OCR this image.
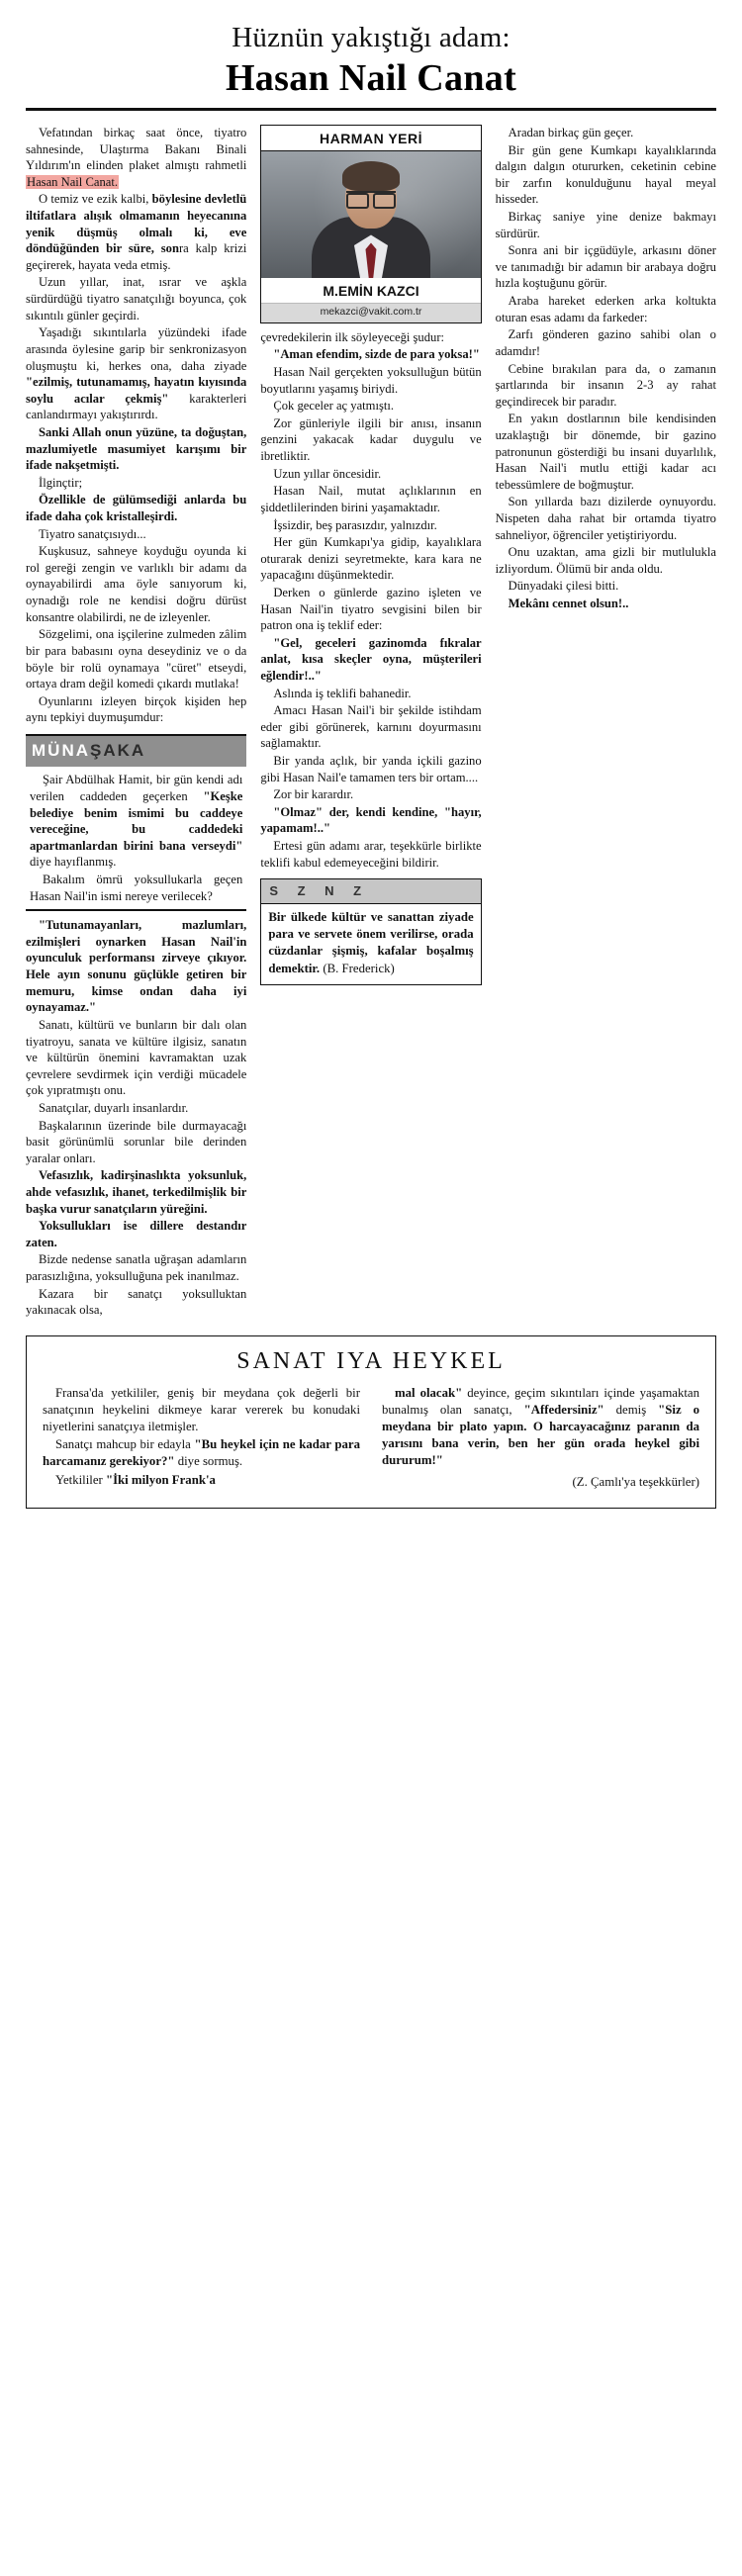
Hüznün yakıştığı adam:
Hasan Nail Canat

Vefatından birkaç saat önce, tiyatro sahnesinde, Ulaştırma Bakanı Binali Yıldırım'ın elinden plaket almıştı rahmetli Hasan Nail Canat.

O temiz ve ezik kalbi, böylesine devletlü iltifatlara alışık olmamanın heyecanına yenik düşmüş olmalı ki, eve döndüğünden bir süre, sonra kalp krizi geçirerek, hayata veda etmiş.

Uzun yıllar, inat, ısrar ve aşkla sürdürdüğü tiyatro sanatçılığı boyunca, çok sıkıntılı günler geçirdi.

Yaşadığı sıkıntılarla yüzündeki ifade arasında öylesine garip bir senkronizasyon oluşmuştu ki, herkes ona, daha ziyade "ezilmiş, tutunamamış, hayatın kıyısında soylu acılar çekmiş" karakterleri canlandırmayı yakıştırırdı.

Sanki Allah onun yüzüne, ta doğuştan, mazlumiyetle masumiyet karışımı bir ifade nakşetmişti.

İlginçtir;

Özellikle de gülümsediği anlarda bu ifade daha çok kristalleşirdi.

Tiyatro sanatçısıydı...

Kuşkusuz, sahneye koyduğu oyunda ki rol gereği zengin ve varlıklı bir adamı da oynayabilirdi ama öyle sanıyorum ki, oynadığı role ne kendisi doğru dürüst konsantre olabilirdi, ne de izleyenler.

Sözgelimi, ona işçilerine zulmeden zâlim bir para babasını oyna deseydiniz ve o da böyle bir rolü oynamaya "cüret" etseydi, ortaya dram değil komedi çıkardı mutlaka!

Oyunlarını izleyen birçok kişiden hep aynı tepkiyi duymuşumdur:

MÜNAŞAKA

Şair Abdülhak Hamit, bir gün kendi adı verilen caddeden geçerken "Keşke belediye benim ismimi bu caddeye vereceğine, bu caddedeki apartmanlardan birini bana verseydi" diye hayıflanmış.

Bakalım ömrü yoksullukarla geçen Hasan Nail'in ismi nereye verilecek?

"Tutunamayanları, mazlumları, ezilmişleri oynarken Hasan Nail'in oyunculuk performansı zirveye çıkıyor. Hele ayın sonunu güçlükle getiren bir memuru, kimse ondan daha iyi oynayamaz."

Sanatı, kültürü ve bunların bir dalı olan tiyatroyu, sanata ve kültüre ilgisiz, sanatın ve kültürün önemini kavramaktan uzak çevrelere sevdirmek için verdiği mücadele çok yıpratmıştı onu.

Sanatçılar, duyarlı insanlardır.

Başkalarının üzerinde bile durmayacağı basit görünümlü sorunlar bile derinden yaralar onları.

Vefasızlık, kadirşinaslıkta yoksunluk, ahde vefasızlık, ihanet, terkedilmişlik bir başka vurur sanatçıların yüreğini.

Yoksullukları ise dillere destandır zaten.

Bizde nedense sanatla uğraşan adamların parasızlığına, yoksulluğuna pek inanılmaz.

Kazara bir sanatçı yoksulluktan yakınacak olsa,

HARMAN YERİ
M.EMİN KAZCI
mekazci@vakit.com.tr

çevredekilerin ilk söyleyeceği şudur:

"Aman efendim, sizde de para yoksa!"

Hasan Nail gerçekten yoksulluğun bütün boyutlarını yaşamış biriydi.

Çok geceler aç yatmıştı.

Zor günleriyle ilgili bir anısı, insanın genzini yakacak kadar duygulu ve ibretliktir.

Uzun yıllar öncesidir.

Hasan Nail, mutat açlıklarının en şiddetlilerinden birini yaşamaktadır.

İşsizdir, beş parasızdır, yalnızdır.

Her gün Kumkapı'ya gidip, kayalıklara oturarak denizi seyretmekte, kara kara ne yapacağını düşünmektedir.

Derken o günlerde gazino işleten ve Hasan Nail'in tiyatro sevgisini bilen bir patron ona iş teklif eder:

"Gel, geceleri gazinomda fıkralar anlat, kısa skeçler oyna, müşterileri eğlendir!.."

Aslında iş teklifi bahanedir.

Amacı Hasan Nail'i bir şekilde istihdam eder gibi görünerek, karnını doyurmasını sağlamaktır.

Bir yanda açlık, bir yanda içkili gazino gibi Hasan Nail'e tamamen ters bir ortam....

Zor bir karardır.

"Olmaz" der, kendi kendine, "hayır, yapamam!.."

Ertesi gün adamı arar, teşekkürle birlikte teklifi kabul edemeyeceğini bildirir.

S Z N Z
Bir ülkede kültür ve sanattan ziyade para ve servete önem verilirse, orada cüzdanlar şişmiş, kafalar boşalmış demektir. (B. Frederick)

Aradan birkaç gün geçer.

Bir gün gene Kumkapı kayalıklarında dalgın dalgın otururken, ceketinin cebine bir zarfın konulduğunu hayal meyal hisseder.

Birkaç saniye yine denize bakmayı sürdürür.

Sonra ani bir içgüdüyle, arkasını döner ve tanımadığı bir adamın bir arabaya doğru hızla koştuğunu görür.

Araba hareket ederken arka koltukta oturan esas adamı da farkeder:

Zarfı gönderen gazino sahibi olan o adamdır!

Cebine bırakılan para da, o zamanın şartlarında bir insanın 2-3 ay rahat geçindirecek bir paradır.

En yakın dostlarının bile kendisinden uzaklaştığı bir dönemde, bir gazino patronunun gösterdiği bu insani duyarlılık, Hasan Nail'i mutlu ettiği kadar acı tebessümlere de boğmuştur.

Son yıllarda bazı dizilerde oynuyordu. Nispeten daha rahat bir ortamda tiyatro sahneliyor, öğrenciler yetiştiriyordu.

Onu uzaktan, ama gizli bir mutlulukla izliyordum. Ölümü bir anda oldu.

Dünyadaki çilesi bitti.

Mekânı cennet olsun!..

SANAT IYA HEYKEL

Fransa'da yetkililer, geniş bir meydana çok değerli bir sanatçının heykelini dikmeye karar vererek bu konudaki niyetlerini sanatçıya iletmişler.

Sanatçı mahcup bir edayla "Bu heykel için ne kadar para harcamanız gerekiyor?" diye sormuş.

Yetkililer "İki milyon Frank'a

mal olacak" deyince, geçim sıkıntıları içinde yaşamaktan bunalmış olan sanatçı, "Affedersiniz" demiş "Siz o meydana bir plato yapın. O harcayacağınız paranın da yarısını bana verin, ben her gün orada heykel gibi dururum!"

(Z. Çamlı'ya teşekkürler)
